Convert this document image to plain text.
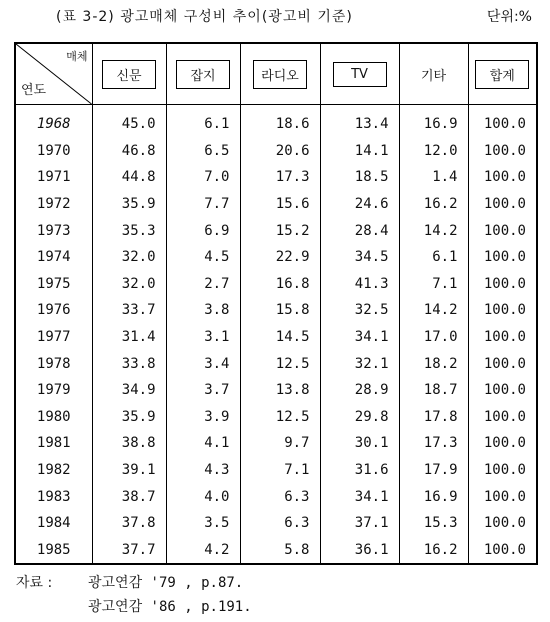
(표 3-2) 광고매체 구성비 추이(광고비 기준)	단위:%
매체
연도	신문	잡지	라디오	TV	기타	합계
1968	45.0	6.1	18.6	13.4	16.9	100.0
1970	46.8	6.5	20.6	14.1	12.0	100.0
1971	44.8	7.0	17.3	18.5	1.4	100.0
1972	35.9	7.7	15.6	24.6	16.2	100.0
1973	35.3	6.9	15.2	28.4	14.2	100.0
1974	32.0	4.5	22.9	34.5	6.1	100.0
1975	32.0	2.7	16.8	41.3	7.1	100.0
1976	33.7	3.8	15.8	32.5	14.2	100.0
1977	31.4	3.1	14.5	34.1	17.0	100.0
1978	33.8	3.4	12.5	32.1	18.2	100.0
1979	34.9	3.7	13.8	28.9	18.7	100.0
1980	35.9	3.9	12.5	29.8	17.8	100.0
1981	38.8	4.1	9.7	30.1	17.3	100.0
1982	39.1	4.3	7.1	31.6	17.9	100.0
1983	38.7	4.0	6.3	34.1	16.9	100.0
1984	37.8	3.5	6.3	37.1	15.3	100.0
1985	37.7	4.2	5.8	36.1	16.2	100.0
자료 :	광고연감 '79 , p.87.
광고연감 '86 , p.191.
